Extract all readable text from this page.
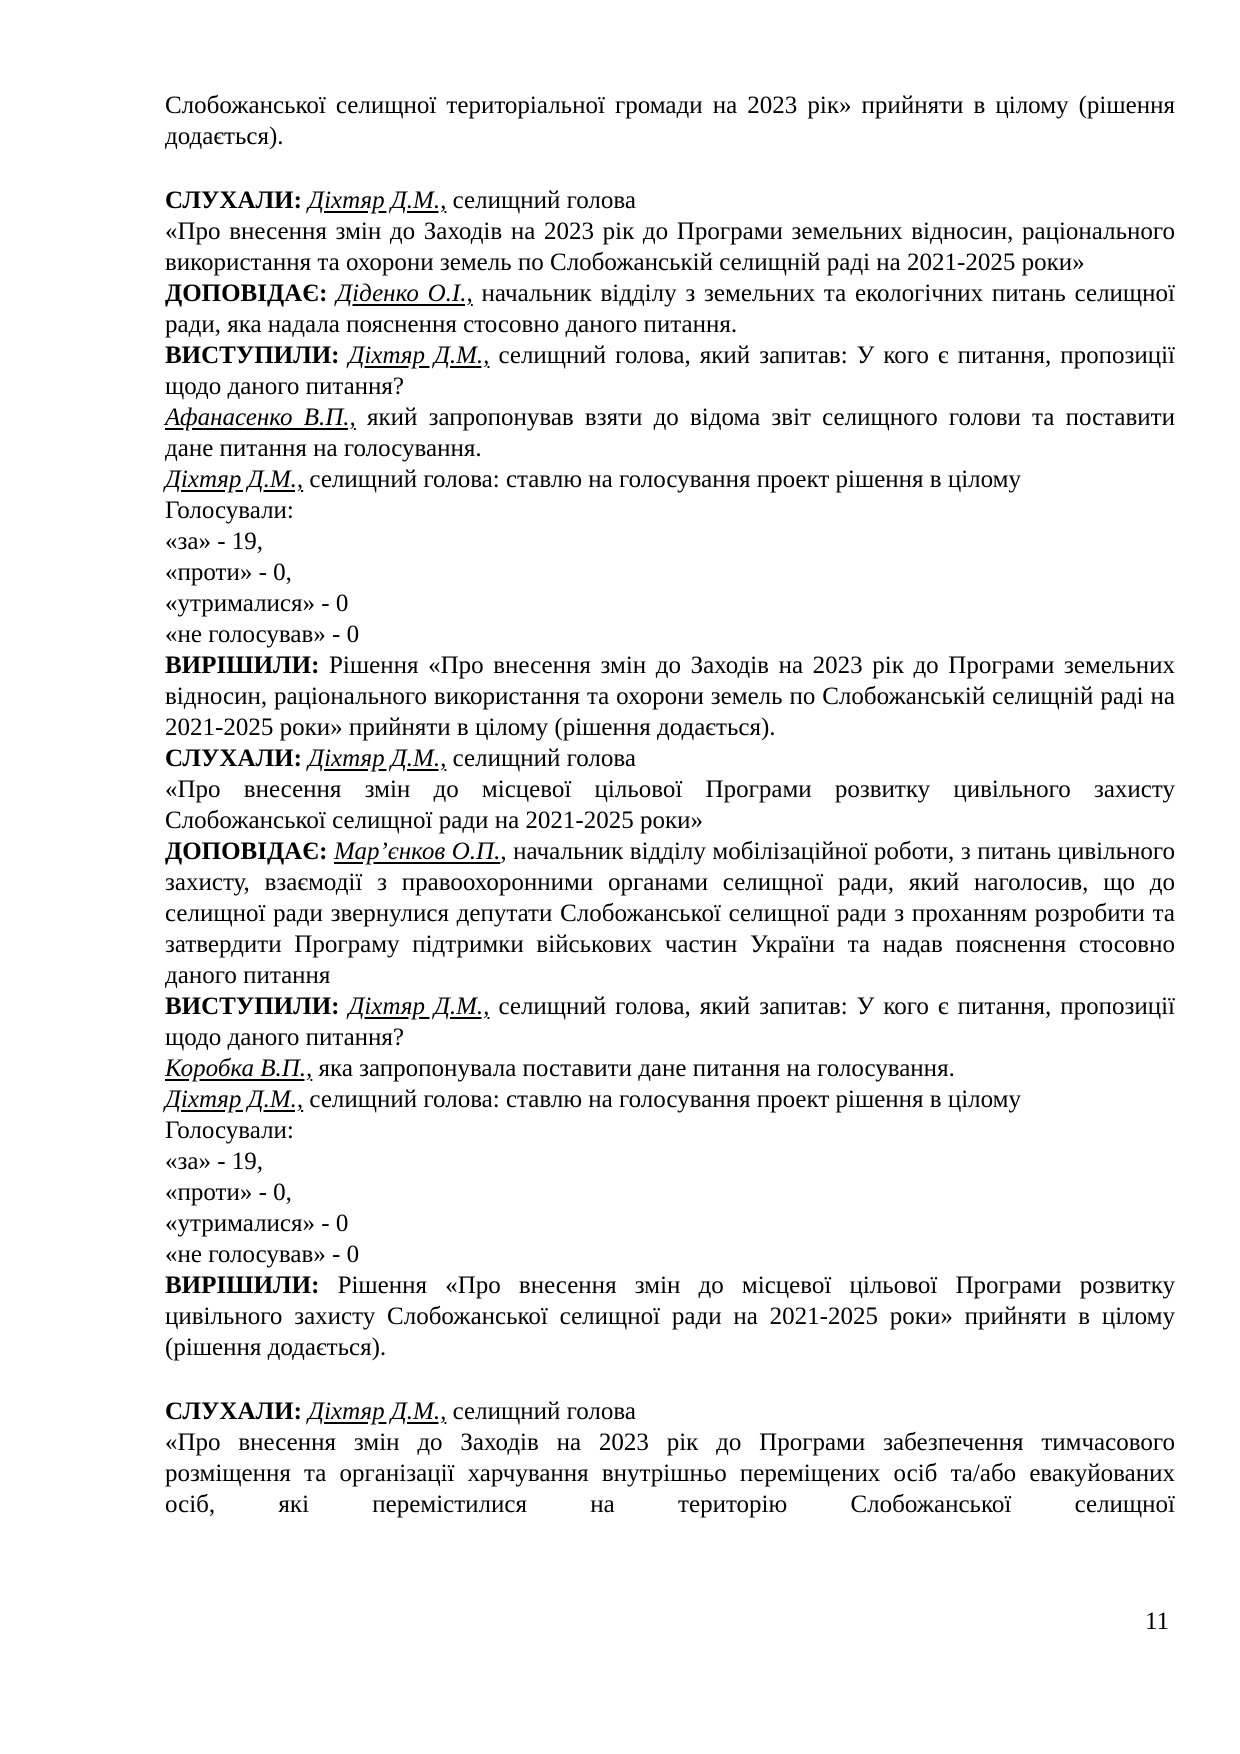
Слобожанської селищної територіальної громади на 2023 рік» прийняти в цілому (рішення додається).

СЛУХАЛИ: Діхтяр Д.М., селищний голова

«Про внесення змін до Заходів на 2023 рік до Програми земельних відносин, раціонального використання та охорони земель по Слобожанській селищній раді на 2021-2025 роки»

ДОПОВІДАЄ: Діденко О.І., начальник відділу з земельних та екологічних питань селищної ради, яка надала пояснення стосовно даного питання.

ВИСТУПИЛИ: Діхтяр Д.М., селищний голова, який запитав: У кого є питання, пропозиції щодо даного питання?

Афанасенко В.П., який запропонував взяти до відома звіт селищного голови та поставити дане питання на голосування.

Діхтяр Д.М., селищний голова: ставлю на голосування проект рішення в цілому

Голосували:

«за» - 19,

«проти» - 0,

«утрималися» - 0

«не голосував» - 0

ВИРІШИЛИ: Рішення «Про внесення змін до Заходів на 2023 рік до Програми земельних відносин, раціонального використання та охорони земель по Слобожанській селищній раді на 2021-2025 роки» прийняти в цілому (рішення додається).

СЛУХАЛИ: Діхтяр Д.М., селищний голова

«Про внесення змін до місцевої цільової Програми розвитку цивільного захисту Слобожанської селищної ради на 2021-2025 роки»

ДОПОВІДАЄ: Мар’єнков О.П., начальник відділу мобілізаційної роботи, з питань цивільного захисту, взаємодії з правоохоронними органами селищної ради, який наголосив, що до селищної ради звернулися депутати Слобожанської селищної ради з проханням розробити та затвердити Програму підтримки військових частин України та надав пояснення стосовно даного питання

ВИСТУПИЛИ: Діхтяр Д.М., селищний голова, який запитав: У кого є питання, пропозиції щодо даного питання?

Коробка В.П., яка запропонувала поставити дане питання на голосування.

Діхтяр Д.М., селищний голова: ставлю на голосування проект рішення в цілому

Голосували:

«за» - 19,

«проти» - 0,

«утрималися» - 0

«не голосував» - 0

ВИРІШИЛИ: Рішення «Про внесення змін до місцевої цільової Програми розвитку цивільного захисту Слобожанської селищної ради на 2021-2025 роки» прийняти в цілому (рішення додається).

СЛУХАЛИ: Діхтяр Д.М., селищний голова

«Про внесення змін до Заходів на 2023 рік до Програми забезпечення тимчасового розміщення та організації харчування внутрішньо переміщених осіб та/або евакуйованих осіб, які перемістилися на територію Слобожанської селищної

11
